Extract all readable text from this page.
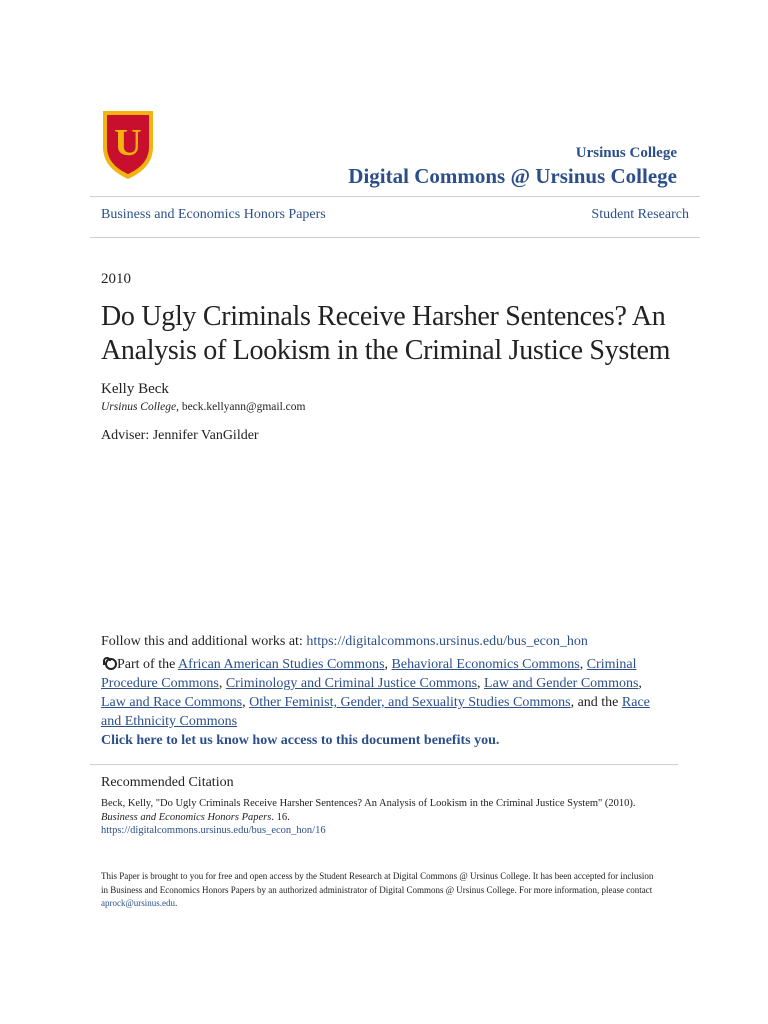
U	Ursinus College
Digital Commons @ Ursinus College
Business and Economics Honors Papers	Student Research
2010
Do Ugly Criminals Receive Harsher Sentences? An Analysis of Lookism in the Criminal Justice System
Kelly Beck
Ursinus College, beck.kellyann@gmail.com
Adviser: Jennifer VanGilder
Follow this and additional works at: https://digitalcommons.ursinus.edu/bus_econ_hon
Part of the African American Studies Commons, Behavioral Economics Commons, Criminal Procedure Commons, Criminology and Criminal Justice Commons, Law and Gender Commons, Law and Race Commons, Other Feminist, Gender, and Sexuality Studies Commons, and the Race and Ethnicity Commons
Click here to let us know how access to this document benefits you.
Recommended Citation
Beck, Kelly, "Do Ugly Criminals Receive Harsher Sentences? An Analysis of Lookism in the Criminal Justice System" (2010). Business and Economics Honors Papers. 16.
https://digitalcommons.ursinus.edu/bus_econ_hon/16
This Paper is brought to you for free and open access by the Student Research at Digital Commons @ Ursinus College. It has been accepted for inclusion in Business and Economics Honors Papers by an authorized administrator of Digital Commons @ Ursinus College. For more information, please contact aprock@ursinus.edu.
